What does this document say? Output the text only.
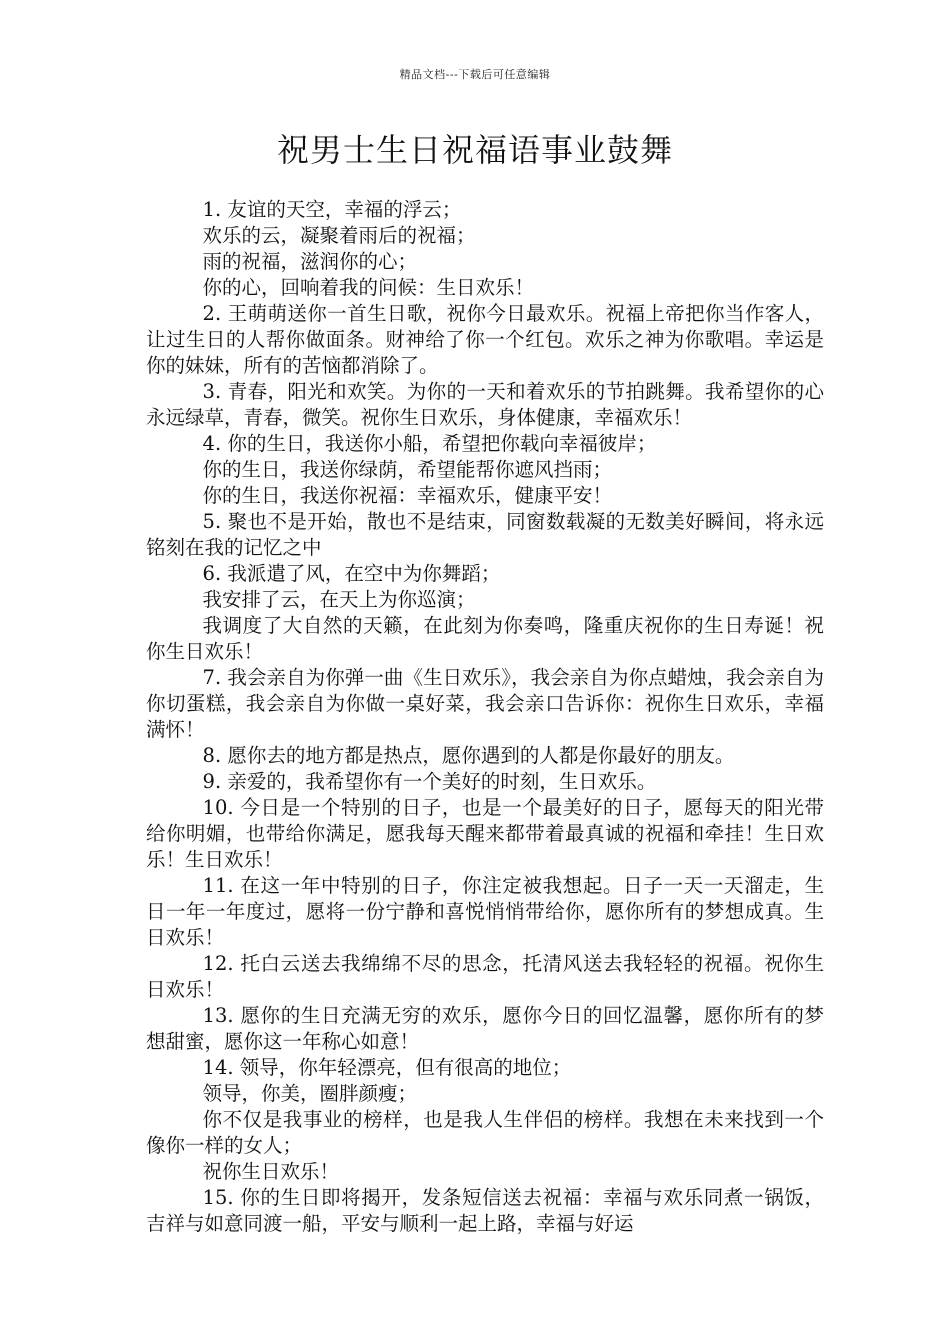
精品文档---下载后可任意编辑
祝男士生日祝福语事业鼓舞

1. 友谊的天空，幸福的浮云；

欢乐的云，凝聚着雨后的祝福；

雨的祝福，滋润你的心；

你的心，回响着我的问候：生日欢乐！

2. 王萌萌送你一首生日歌，祝你今日最欢乐。祝福上帝把你当作客人，让过生日的人帮你做面条。财神给了你一个红包。欢乐之神为你歌唱。幸运是你的妹妹，所有的苦恼都消除了。

3. 青春，阳光和欢笑。为你的一天和着欢乐的节拍跳舞。我希望你的心永远绿草，青春，微笑。祝你生日欢乐，身体健康，幸福欢乐！

4. 你的生日，我送你小船，希望把你载向幸福彼岸；

你的生日，我送你绿荫，希望能帮你遮风挡雨；

你的生日，我送你祝福：幸福欢乐，健康平安！

5. 聚也不是开始，散也不是结束，同窗数载凝的无数美好瞬间，将永远铭刻在我的记忆之中

6. 我派遣了风，在空中为你舞蹈；

我安排了云，在天上为你巡演；

我调度了大自然的天籁，在此刻为你奏鸣，隆重庆祝你的生日寿诞！祝你生日欢乐！

7. 我会亲自为你弹一曲《生日欢乐》，我会亲自为你点蜡烛，我会亲自为你切蛋糕，我会亲自为你做一桌好菜，我会亲口告诉你：祝你生日欢乐，幸福满怀！

8. 愿你去的地方都是热点，愿你遇到的人都是你最好的朋友。

9. 亲爱的，我希望你有一个美好的时刻，生日欢乐。

10. 今日是一个特别的日子，也是一个最美好的日子，愿每天的阳光带给你明媚，也带给你满足，愿我每天醒来都带着最真诚的祝福和牵挂！生日欢乐！生日欢乐！

11. 在这一年中特别的日子，你注定被我想起。日子一天一天溜走，生日一年一年度过，愿将一份宁静和喜悦悄悄带给你，愿你所有的梦想成真。生日欢乐！

12. 托白云送去我绵绵不尽的思念，托清风送去我轻轻的祝福。祝你生日欢乐！

13. 愿你的生日充满无穷的欢乐，愿你今日的回忆温馨，愿你所有的梦想甜蜜，愿你这一年称心如意！

14. 领导，你年轻漂亮，但有很高的地位；

领导，你美，圈胖颜瘦；

你不仅是我事业的榜样，也是我人生伴侣的榜样。我想在未来找到一个像你一样的女人；

祝你生日欢乐！

15. 你的生日即将揭开，发条短信送去祝福：幸福与欢乐同煮一锅饭，吉祥与如意同渡一船，平安与顺利一起上路，幸福与好运
